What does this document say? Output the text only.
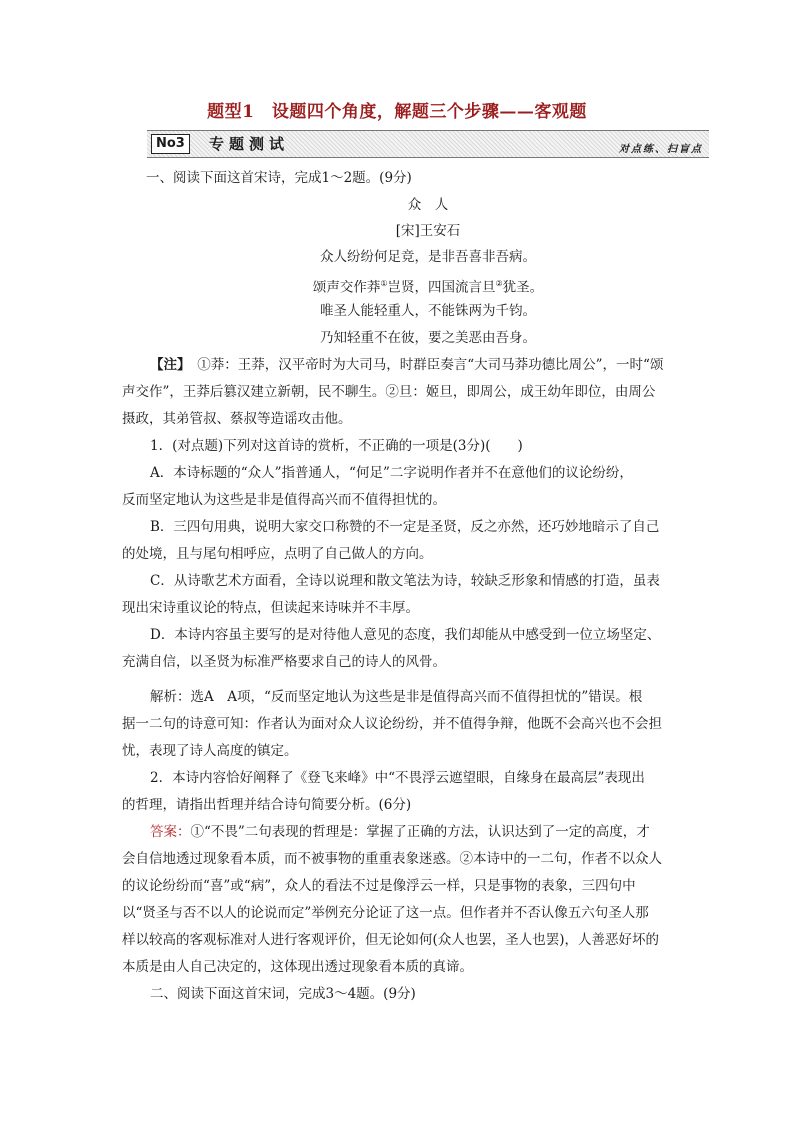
题型1　设题四个角度，解题三个步骤——客观题
No3	专题测试	对点练、扫盲点
一、阅读下面这首宋诗，完成1～2题。(9分)
众　人
[宋]王安石
众人纷纷何足竞，是非吾喜非吾病。
颂声交作莽①岂贤，四国流言旦②犹圣。
唯圣人能轻重人，不能铢两为千钧。
乃知轻重不在彼，要之美恶由吾身。
【注】  ①莽：王莽，汉平帝时为大司马，时群臣奏言“大司马莽功德比周公”，一时“颂
声交作”，王莽后篡汉建立新朝，民不聊生。②旦：姬旦，即周公，成王幼年即位，由周公
摄政，其弟管叔、蔡叔等造谣攻击他。
1．(对点题)下列对这首诗的赏析，不正确的一项是(3分)(　　)
A．本诗标题的“众人”指普通人，“何足”二字说明作者并不在意他们的议论纷纷，
反而坚定地认为这些是非是值得高兴而不值得担忧的。
B．三四句用典，说明大家交口称赞的不一定是圣贤，反之亦然，还巧妙地暗示了自己
的处境，且与尾句相呼应，点明了自己做人的方向。
C．从诗歌艺术方面看，全诗以说理和散文笔法为诗，较缺乏形象和情感的打造，虽表
现出宋诗重议论的特点，但读起来诗味并不丰厚。
D．本诗内容虽主要写的是对待他人意见的态度，我们却能从中感受到一位立场坚定、
充满自信，以圣贤为标准严格要求自己的诗人的风骨。
解析：选A　A项，“反而坚定地认为这些是非是值得高兴而不值得担忧的”错误。根
据一二句的诗意可知：作者认为面对众人议论纷纷，并不值得争辩，他既不会高兴也不会担
忧，表现了诗人高度的镇定。
2．本诗内容恰好阐释了《登飞来峰》中“不畏浮云遮望眼，自缘身在最高层”表现出
的哲理，请指出哲理并结合诗句简要分析。(6分)
答案：①“不畏”二句表现的哲理是：掌握了正确的方法，认识达到了一定的高度，才
会自信地透过现象看本质，而不被事物的重重表象迷惑。②本诗中的一二句，作者不以众人
的议论纷纷而“喜”或“病”，众人的看法不过是像浮云一样，只是事物的表象，三四句中
以“贤圣与否不以人的论说而定”举例充分论证了这一点。但作者并不否认像五六句圣人那
样以较高的客观标准对人进行客观评价，但无论如何(众人也罢，圣人也罢)，人善恶好坏的
本质是由人自己决定的，这体现出透过现象看本质的真谛。
二、阅读下面这首宋词，完成3～4题。(9分)
